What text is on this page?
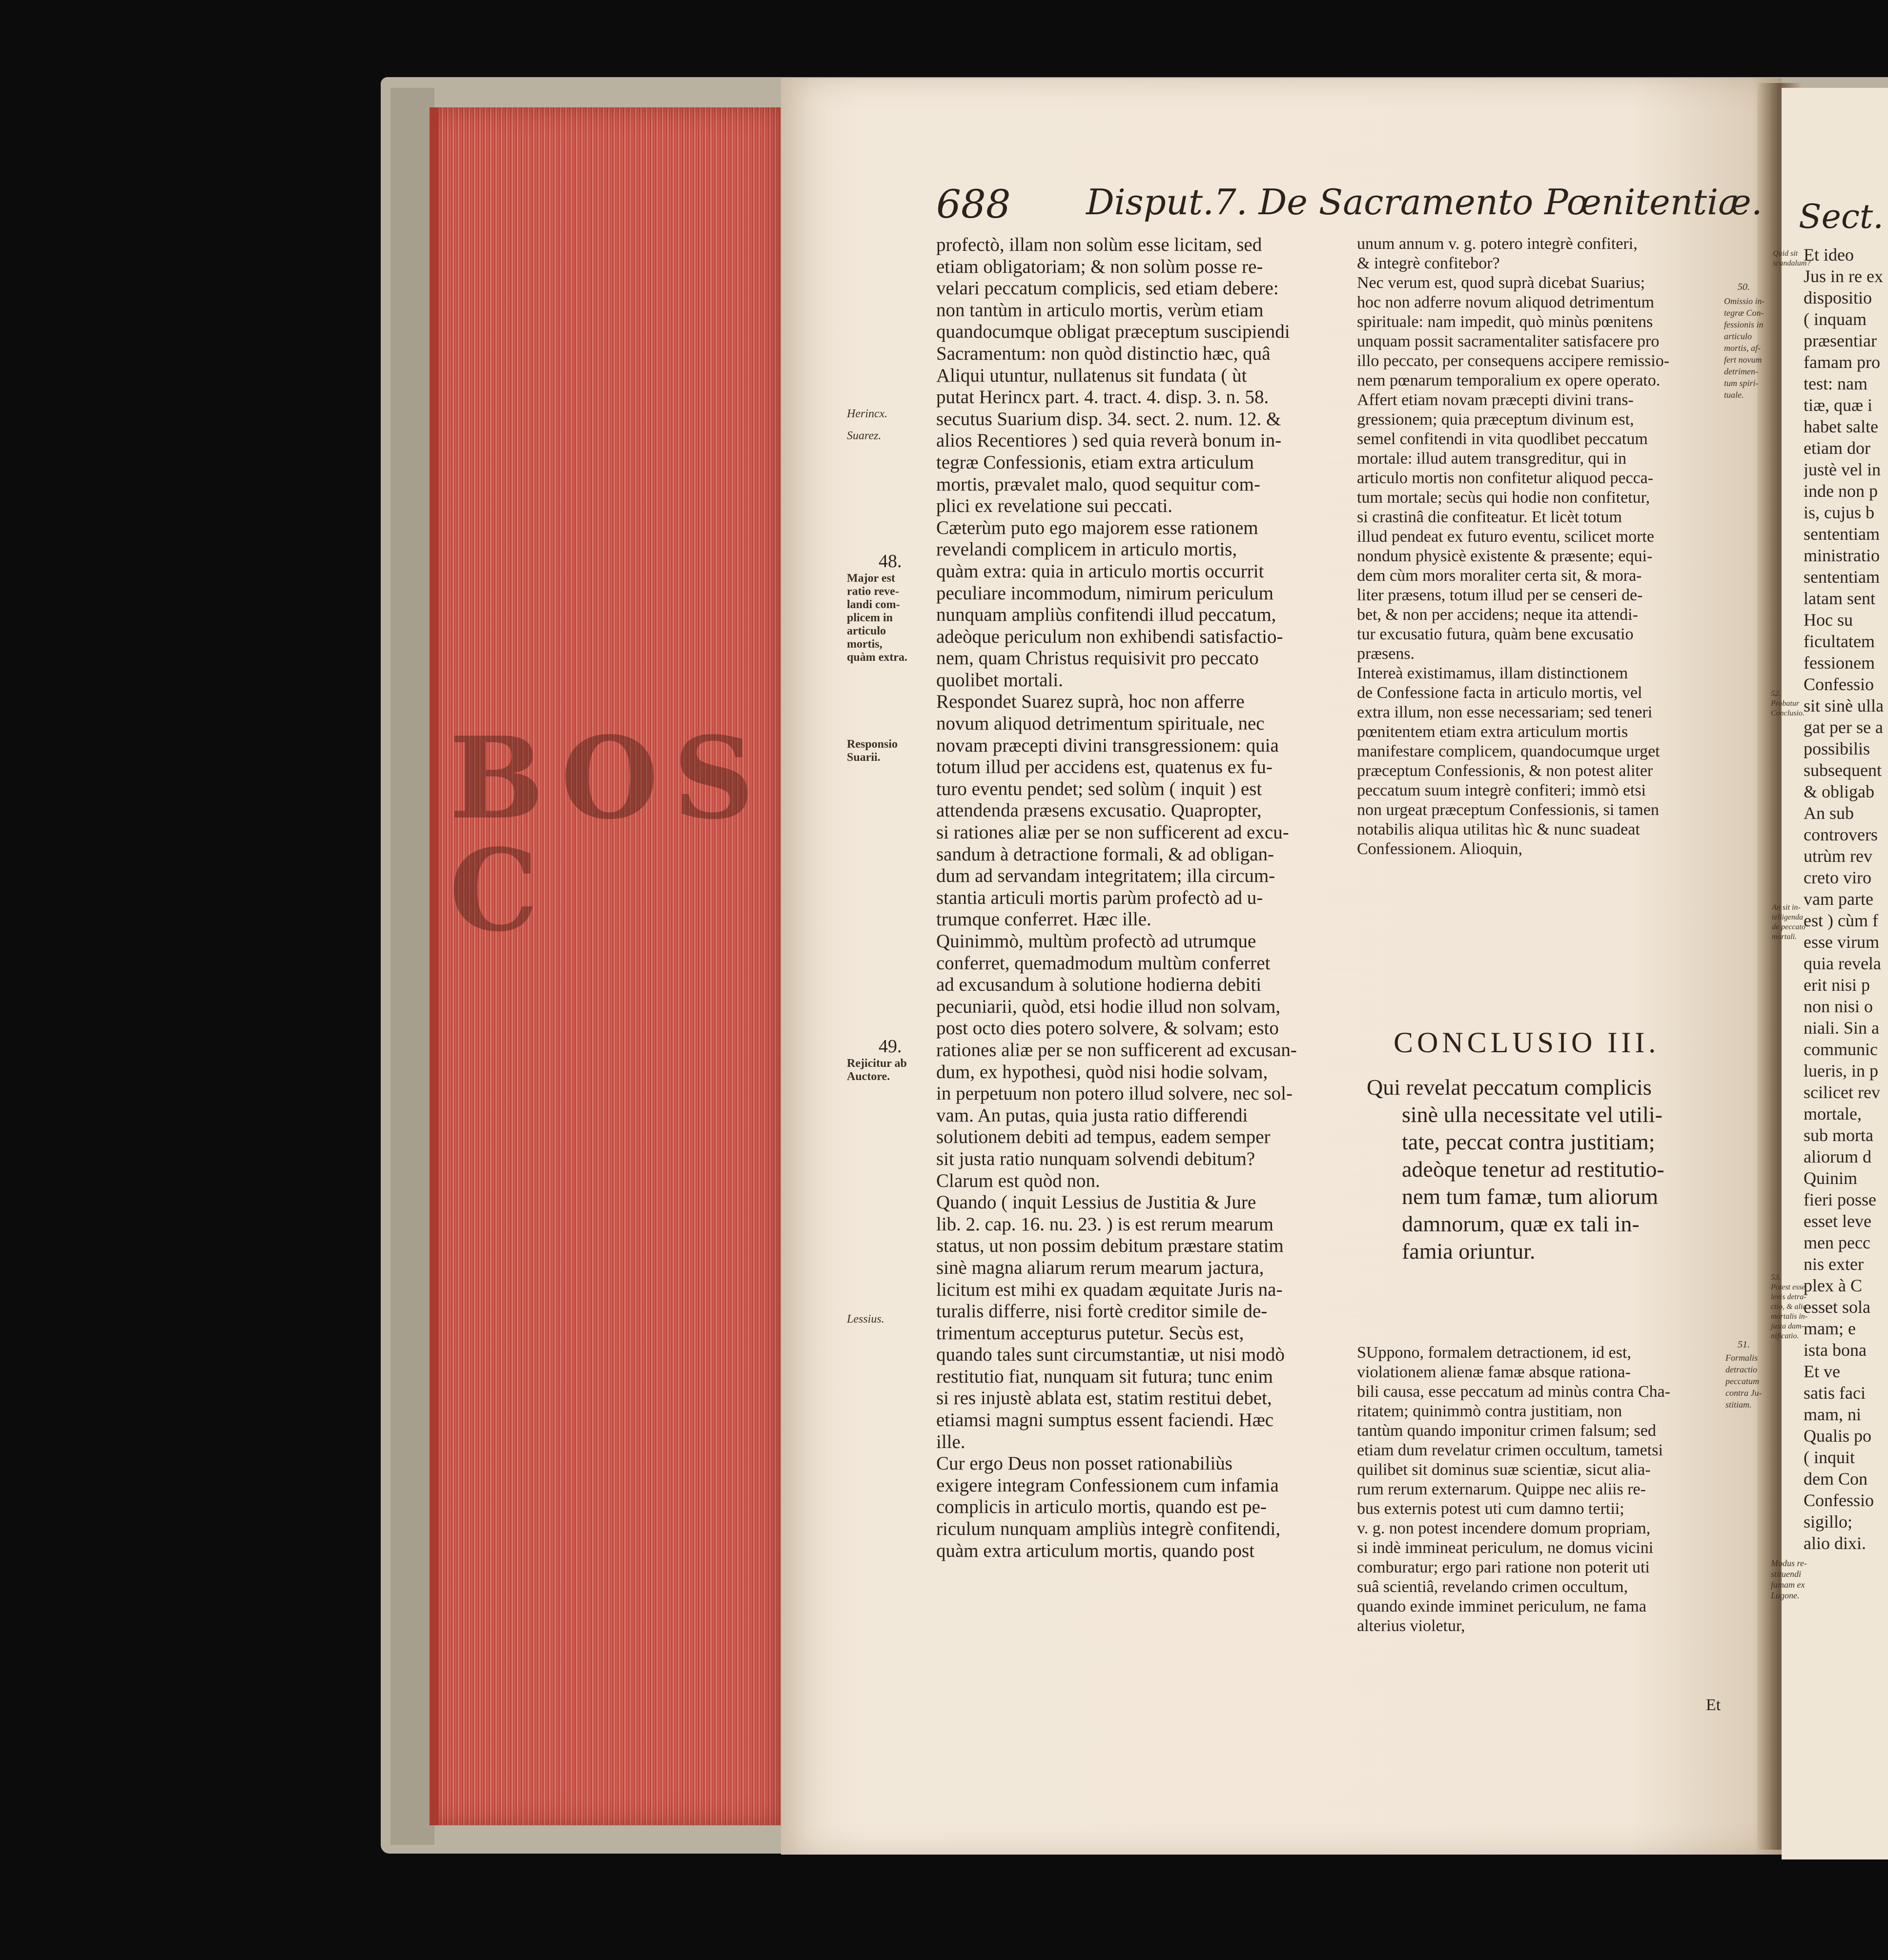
BOS C
688 Disput.7. De Sacramento Pœnitentiæ. Sect.
profectò, illam non solùm esse licitam, sed
etiam obligatoriam; & non solùm posse re-
velari peccatum complicis, sed etiam debere:
non tantùm in articulo mortis, verùm etiam
quandocumque obligat præceptum suscipiendi
Sacramentum: non quòd distinctio hæc, quâ
Aliqui utuntur, nullatenus sit fundata ( ùt
putat Herincx part. 4. tract. 4. disp. 3. n. 58.
secutus Suarium disp. 34. sect. 2. num. 12. &
alios Recentiores ) sed quia reverà bonum in-
tegræ Confessionis, etiam extra articulum
mortis, prævalet malo, quod sequitur com-
plici ex revelatione sui peccati.
Cæterùm puto ego majorem esse rationem
revelandi complicem in articulo mortis,
quàm extra: quia in articulo mortis occurrit
peculiare incommodum, nimirum periculum
nunquam ampliùs confitendi illud peccatum,
adeòque periculum non exhibendi satisfactio-
nem, quam Christus requisivit pro peccato
quolibet mortali.
Respondet Suarez suprà, hoc non afferre
novum aliquod detrimentum spirituale, nec
novam præcepti divini transgressionem: quia
totum illud per accidens est, quatenus ex fu-
turo eventu pendet; sed solùm ( inquit ) est
attendenda præsens excusatio. Quapropter,
si rationes aliæ per se non sufficerent ad excu-
sandum à detractione formali, & ad obligan-
dum ad servandam integritatem; illa circum-
stantia articuli mortis parùm profectò ad u-
trumque conferret. Hæc ille.
Quinimmò, multùm profectò ad utrumque
conferret, quemadmodum multùm conferret
ad excusandum à solutione hodierna debiti
pecuniarii, quòd, etsi hodie illud non solvam,
post octo dies potero solvere, & solvam; esto
rationes aliæ per se non sufficerent ad excusan-
dum, ex hypothesi, quòd nisi hodie solvam,
in perpetuum non potero illud solvere, nec sol-
vam. An putas, quia justa ratio differendi
solutionem debiti ad tempus, eadem semper
sit justa ratio nunquam solvendi debitum?
Clarum est quòd non.
Quando ( inquit Lessius de Justitia & Jure
lib. 2. cap. 16. nu. 23. ) is est rerum mearum
status, ut non possim debitum præstare statim
sinè magna aliarum rerum mearum jactura,
licitum est mihi ex quadam æquitate Juris na-
turalis differre, nisi fortè creditor simile de-
trimentum accepturus putetur. Secùs est,
quando tales sunt circumstantiæ, ut nisi modò
restitutio fiat, nunquam sit futura; tunc enim
si res injustè ablata est, statim restitui debet,
etiamsi magni sumptus essent faciendi. Hæc
ille.
Cur ergo Deus non posset rationabiliùs
exigere integram Confessionem cum infamia
complicis in articulo mortis, quando est pe-
riculum nunquam ampliùs integrè confitendi,
quàm extra articulum mortis, quando post
unum annum v. g. potero integrè confiteri,
& integrè confitebor?
Nec verum est, quod suprà dicebat Suarius;
hoc non adferre novum aliquod detrimentum
spirituale: nam impedit, quò minùs pœnitens
unquam possit sacramentaliter satisfacere pro
illo peccato, per consequens accipere remissio-
nem pœnarum temporalium ex opere operato.
Affert etiam novam præcepti divini trans-
gressionem; quia præceptum divinum est,
semel confitendi in vita quodlibet peccatum
mortale: illud autem transgreditur, qui in
articulo mortis non confitetur aliquod pecca-
tum mortale; secùs qui hodie non confitetur,
si crastinâ die confiteatur. Et licèt totum
illud pendeat ex futuro eventu, scilicet morte
nondum physicè existente & præsente; equi-
dem cùm mors moraliter certa sit, & mora-
liter præsens, totum illud per se censeri de-
bet, & non per accidens; neque ita attendi-
tur excusatio futura, quàm bene excusatio
præsens.
Intereà existimamus, illam distinctionem
de Confessione facta in articulo mortis, vel
extra illum, non esse necessariam; sed teneri
pœnitentem etiam extra articulum mortis
manifestare complicem, quandocumque urget
præceptum Confessionis, & non potest aliter
peccatum suum integrè confiteri; immò etsi
non urgeat præceptum Confessionis, si tamen
notabilis aliqua utilitas hìc & nunc suadeat
Confessionem. Alioquin,
CONCLUSIO III.
Qui revelat peccatum complicis
sinè ulla necessitate vel utili-
tate, peccat contra justitiam;
adeòque tenetur ad restitutio-
nem tum famæ, tum aliorum
damnorum, quæ ex tali in-
famia oriuntur.
SUppono, formalem detractionem, id est,
violationem alienæ famæ absque rationa-
bili causa, esse peccatum ad minùs contra Cha-
ritatem; quinimmò contra justitiam, non
tantùm quando imponitur crimen falsum; sed
etiam dum revelatur crimen occultum, tametsi
quilibet sit dominus suæ scientiæ, sicut alia-
rum rerum externarum. Quippe nec aliis re-
bus externis potest uti cum damno tertii;
v. g. non potest incendere domum propriam,
si indè immineat periculum, ne domus vicini
comburatur; ergo pari ratione non poterit uti
suâ scientiâ, revelando crimen occultum,
quando exinde imminet periculum, ne fama
alterius violetur,
Et
Herincx.
Suarez.
48.
Major est
ratio reve-
landi com-
plicem in
articulo
mortis,
quàm extra.
Responsio
Suarii.
49.
Rejicitur ab
Auctore.
Lessius.
50.
Omissio in-
tegræ Con-
fessionis in
articulo
mortis, af-
fert novum
detrimen-
tum spiri-
tuale.
51.
Formalis
detractio
peccatum
contra Ju-
stitiam.
Et ideo
Jus in re ex
dispositio
( inquam
præsentiar
famam pro
test: nam
tiæ, quæ i
habet salte
etiam dor
justè vel in
inde non p
is, cujus b
sententiam
ministratio
sententiam
latam sent
Hoc su
ficultatem
fessionem
Confessio
sit sinè ulla
gat per se a
possibilis
subsequent
& obligab
An sub
controvers
utrùm rev
creto viro
vam parte
est ) cùm f
esse virum
quia revela
erit nisi p
non nisi o
niali. Sin a
communic
lueris, in p
scilicet rev
mortale,
sub morta
aliorum d
Quinim
fieri posse
esset leve
men pecc
nis exter
plex à C
esset sola
mam; e
ista bona
Et ve
satis faci
mam, ni
Qualis po
( inquit
dem Con
Confessio
sigillo;
alio dixi.
Quid sit
scandalum?
52.
Probatur
Conclusio.
An sit in-
telligenda
de peccato
mortali.
53.
Potest esse
levis detra-
ctio, & alia
mortalis in-
justa dam-
nificatio.
Modus re-
stituendi
famam ex
Lugone.
